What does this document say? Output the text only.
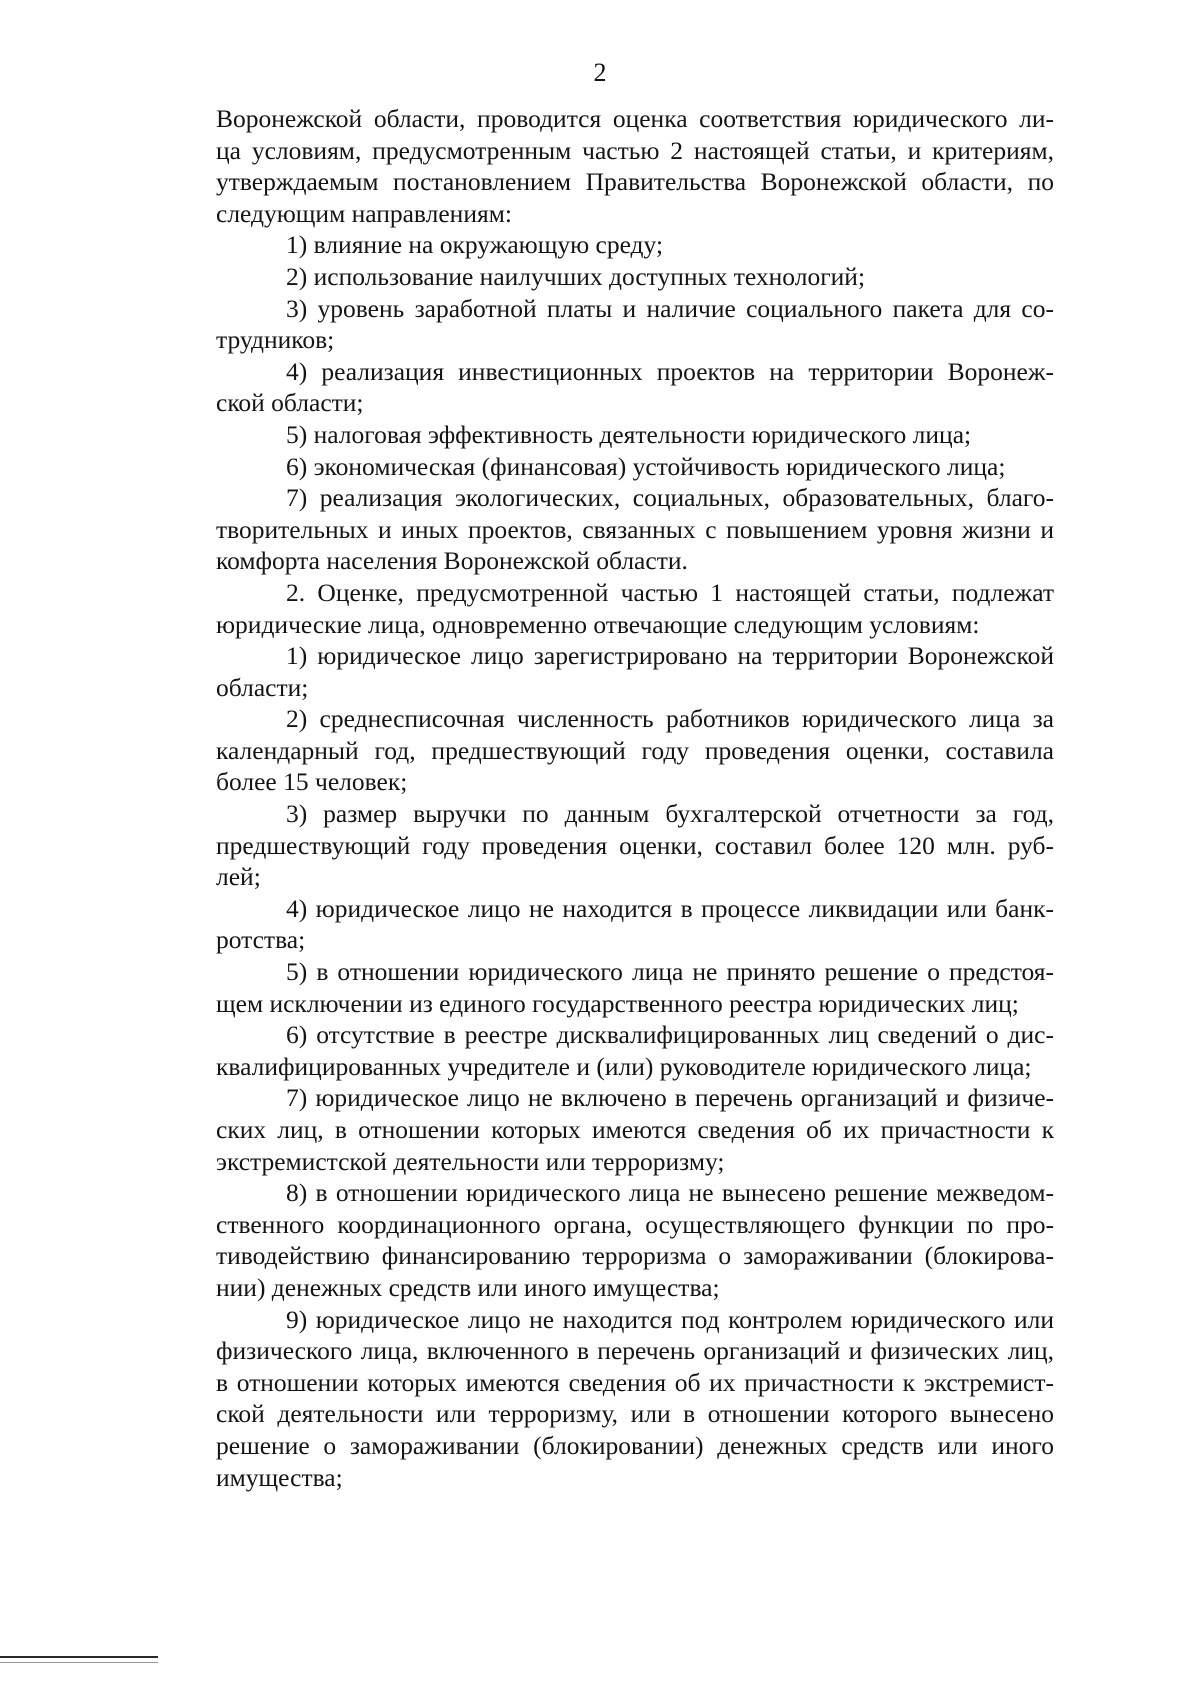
2

Воронежской области, проводится оценка соответствия юридического ли-

ца условиям, предусмотренным частью 2 настоящей статьи, и критериям,

утверждаемым постановлением Правительства Воронежской области, по

следующим направлениям:

1) влияние на окружающую среду;

2) использование наилучших доступных технологий;

3) уровень заработной платы и наличие социального пакета для со-

трудников;

4) реализация инвестиционных проектов на территории Воронеж-

ской области;

5) налоговая эффективность деятельности юридического лица;

6) экономическая (финансовая) устойчивость юридического лица;

7) реализация экологических, социальных, образовательных, благо-

творительных и иных проектов, связанных с повышением уровня жизни и

комфорта населения Воронежской области.

2. Оценке, предусмотренной частью 1 настоящей статьи, подлежат

юридические лица, одновременно отвечающие следующим условиям:

1) юридическое лицо зарегистрировано на территории Воронежской

области;

2) среднесписочная численность работников юридического лица за

календарный год, предшествующий году проведения оценки, составила

более 15 человек;

3) размер выручки по данным бухгалтерской отчетности за год,

предшествующий году проведения оценки, составил более 120 млн. руб-

лей;

4) юридическое лицо не находится в процессе ликвидации или банк-

ротства;

5) в отношении юридического лица не принято решение о предстоя-

щем исключении из единого государственного реестра юридических лиц;

6) отсутствие в реестре дисквалифицированных лиц сведений о дис-

квалифицированных учредителе и (или) руководителе юридического лица;

7) юридическое лицо не включено в перечень организаций и физиче-

ских лиц, в отношении которых имеются сведения об их причастности к

экстремистской деятельности или терроризму;

8) в отношении юридического лица не вынесено решение межведом-

ственного координационного органа, осуществляющего функции по про-

тиводействию финансированию терроризма о замораживании (блокирова-

нии) денежных средств или иного имущества;

9) юридическое лицо не находится под контролем юридического или

физического лица, включенного в перечень организаций и физических лиц,

в отношении которых имеются сведения об их причастности к экстремист-

ской деятельности или терроризму, или в отношении которого вынесено

решение о замораживании (блокировании) денежных средств или иного

имущества;
